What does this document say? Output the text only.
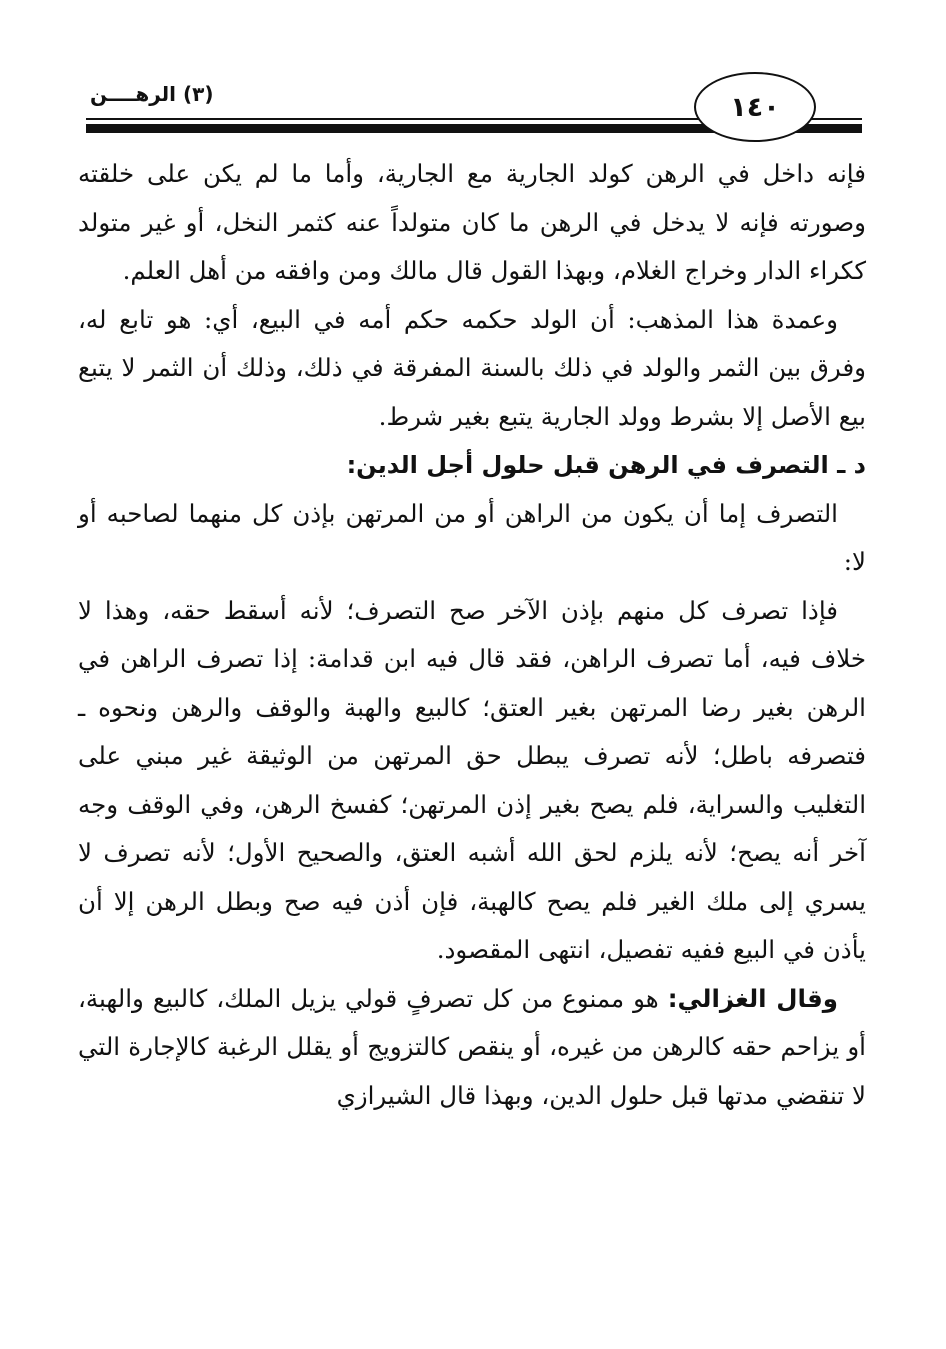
١٤٠
(٣) الرهــــن

فإنه داخل في الرهن كولد الجارية مع الجارية، وأما ما لم يكن على خلقته وصورته فإنه لا يدخل في الرهن ما كان متولداً عنه كثمر النخل، أو غير متولد ككراء الدار وخراج الغلام، وبهذا القول قال مالك ومن وافقه من أهل العلم.

وعمدة هذا المذهب: أن الولد حكمه حكم أمه في البيع، أي: هو تابع له، وفرق بين الثمر والولد في ذلك بالسنة المفرقة في ذلك، وذلك أن الثمر لا يتبع بيع الأصل إلا بشرط وولد الجارية يتبع بغير شرط.

د ـ التصرف في الرهن قبل حلول أجل الدين:

التصرف إما أن يكون من الراهن أو من المرتهن بإذن كل منهما لصاحبه أو لا:

فإذا تصرف كل منهم بإذن الآخر صح التصرف؛ لأنه أسقط حقه، وهذا لا خلاف فيه، أما تصرف الراهن، فقد قال فيه ابن قدامة: إذا تصرف الراهن في الرهن بغير رضا المرتهن بغير العتق؛ كالبيع والهبة والوقف والرهن ونحوه ـ فتصرفه باطل؛ لأنه تصرف يبطل حق المرتهن من الوثيقة غير مبني على التغليب والسراية، فلم يصح بغير إذن المرتهن؛ كفسخ الرهن، وفي الوقف وجه آخر أنه يصح؛ لأنه يلزم لحق الله أشبه العتق، والصحيح الأول؛ لأنه تصرف لا يسري إلى ملك الغير فلم يصح كالهبة، فإن أذن فيه صح وبطل الرهن إلا أن يأذن في البيع ففيه تفصيل، انتهى المقصود.

وقال الغزالي: هو ممنوع من كل تصرفٍ قولي يزيل الملك، كالبيع والهبة، أو يزاحم حقه كالرهن من غيره، أو ينقص كالتزويج أو يقلل الرغبة كالإجارة التي لا تنقضي مدتها قبل حلول الدين، وبهذا قال الشيرازي
